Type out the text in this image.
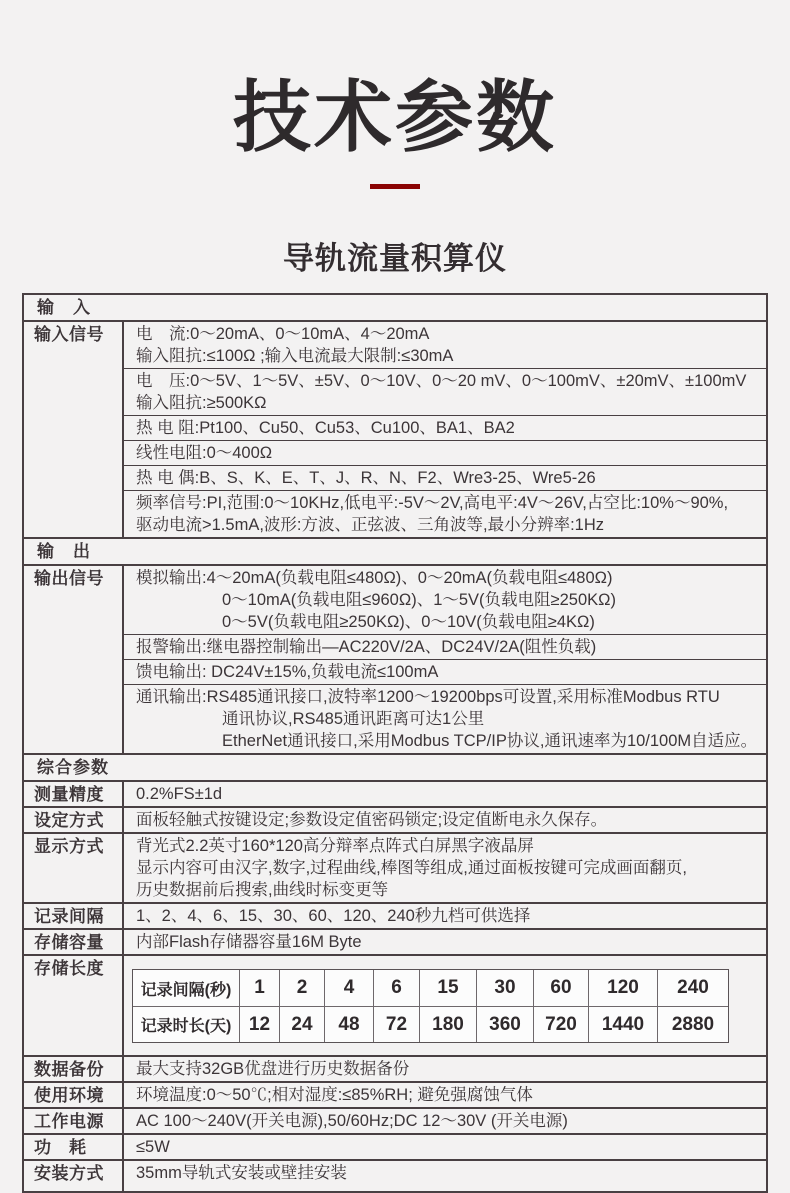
技术参数
导轨流量积算仪
输　入
输入信号	电　流:0～20mA、0～10mA、4～20mA
输入阻抗:≤100Ω ;输入电流最大限制:≤30mA
电　压:0～5V、1～5V、±5V、0～10V、0～20 mV、0～100mV、±20mV、±100mV
输入阻抗:≥500KΩ
热 电 阻:Pt100、Cu50、Cu53、Cu100、BA1、BA2
线性电阻:0～400Ω
热 电 偶:B、S、K、E、T、J、R、N、F2、Wre3-25、Wre5-26
频率信号:PI,范围:0～10KHz,低电平:-5V～2V,高电平:4V～26V,占空比:10%～90%,
驱动电流>1.5mA,波形:方波、正弦波、三角波等,最小分辨率:1Hz
输　出
输出信号	模拟输出:4～20mA(负载电阻≤480Ω)、0～20mA(负载电阻≤480Ω)
0～10mA(负载电阻≤960Ω)、1～5V(负载电阻≥250KΩ)
0～5V(负载电阻≥250KΩ)、0～10V(负载电阻≥4KΩ)
报警输出:继电器控制输出—AC220V/2A、DC24V/2A(阻性负载)
馈电输出: DC24V±15%,负载电流≤100mA
通讯输出:RS485通讯接口,波特率1200～19200bps可设置,采用标准Modbus RTU
通讯协议,RS485通讯距离可达1公里
EtherNet通讯接口,采用Modbus TCP/IP协议,通讯速率为10/100M自适应。
综合参数
测量精度	0.2%FS±1d
设定方式	面板轻触式按键设定;参数设定值密码锁定;设定值断电永久保存。
显示方式	背光式2.2英寸160*120高分辩率点阵式白屏黑字液晶屏
显示内容可由汉字,数字,过程曲线,棒图等组成,通过面板按键可完成画面翻页,
历史数据前后搜索,曲线时标变更等
记录间隔	1、2、4、6、15、30、60、120、240秒九档可供选择
存储容量	内部Flash存储器容量16M Byte
存储长度
记录间隔(秒)	1	2	4	6	15	30	60	120	240
记录时长(天) 12	24	48	72	180	360	720	1440	2880
数据备份	最大支持32GB优盘进行历史数据备份
使用环境	环境温度:0～50℃;相对湿度:≤85%RH; 避免强腐蚀气体
工作电源	AC 100～240V(开关电源),50/60Hz;DC 12～30V (开关电源)
功　耗	≤5W
安装方式	35mm导轨式安装或壁挂安装
